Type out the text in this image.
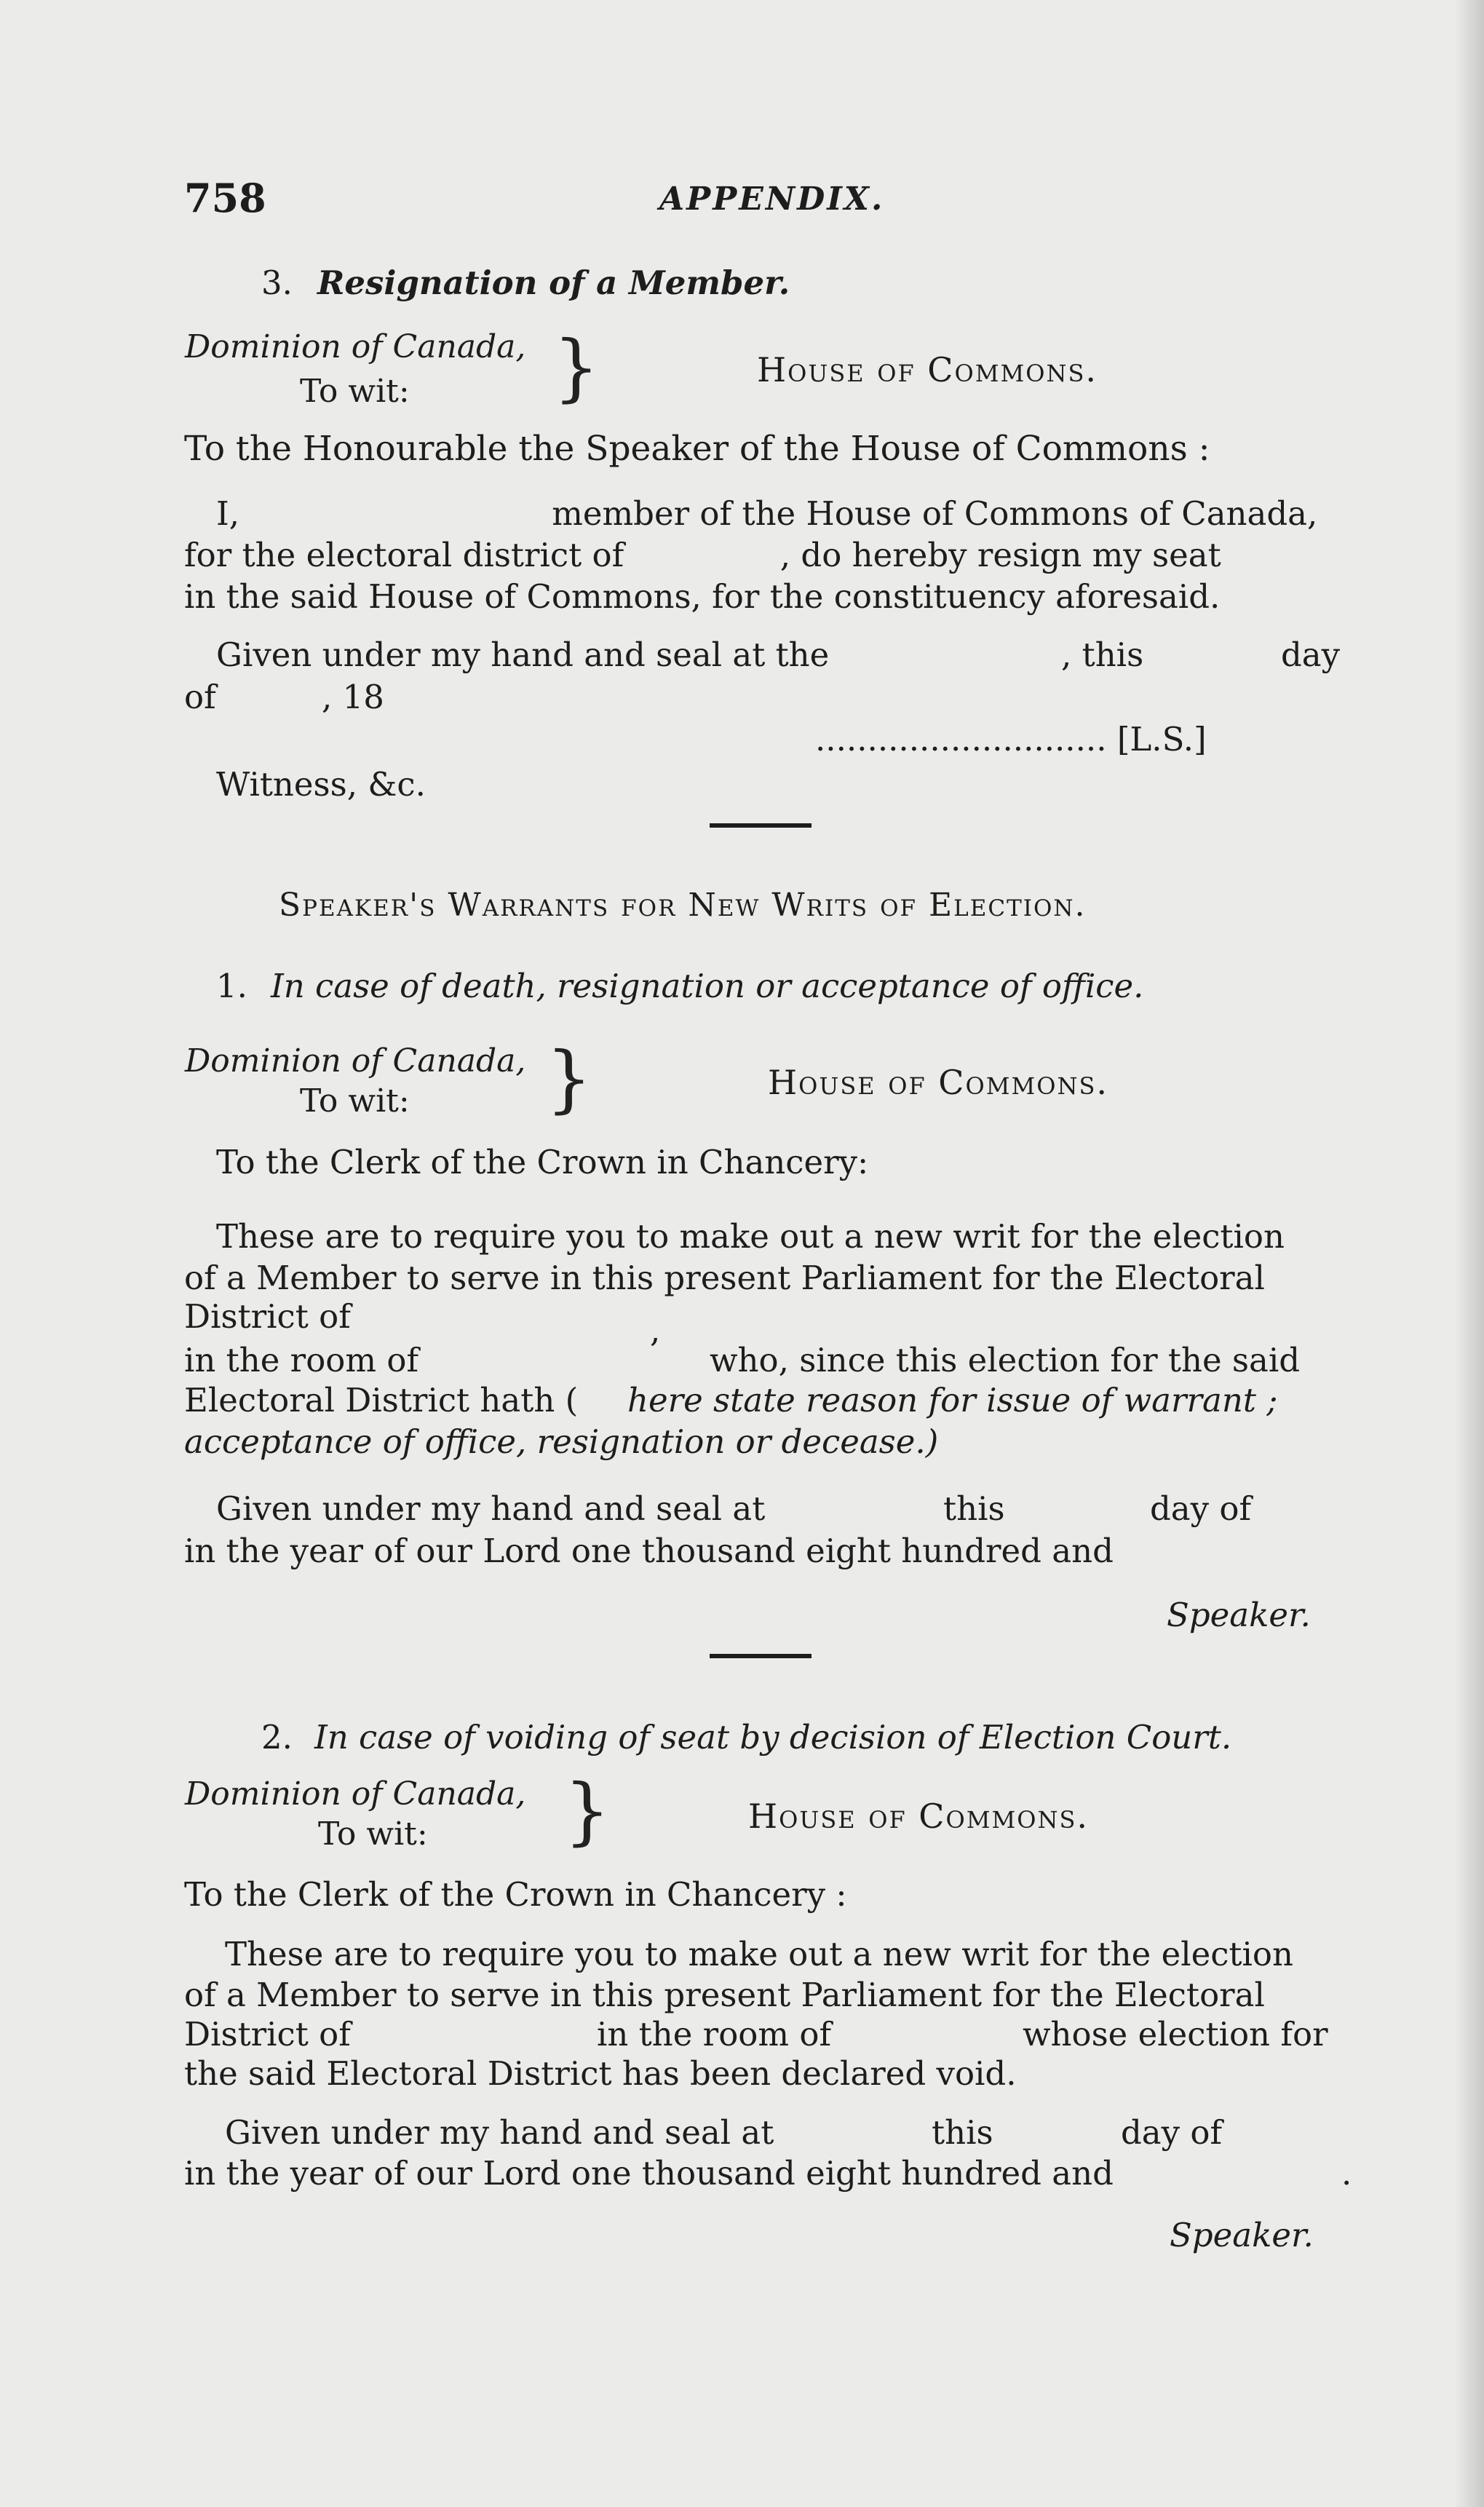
758	APPENDIX.
3. Resignation of a Member.
Dominion of Canada,
To wit: }	House of Commons.
To the Honourable the Speaker of the House of Commons :
I,                              member of the House of Commons of Canada,
for the electoral district of               , do hereby resign my seat
in the said House of Commons, for the constituency aforesaid.
Given under my hand and seal at the	, this	day
of	, 18
............................ [L.S.]
Witness, &c.
Speaker's Warrants for New Writs of Election.
1. In case of death, resignation or acceptance of office.
Dominion of Canada,
To wit: }	House of Commons.
To the Clerk of the Crown in Chancery:
These are to require you to make out a new writ for the election
of a Member to serve in this present Parliament for the Electoral
District of	,
in the room of	who, since this election for the said
Electoral District hath ( here state reason for issue of warrant ;
acceptance of office, resignation or decease.)
Given under my hand and seal at	this	day of
in the year of our Lord one thousand eight hundred and
Speaker.
2. In case of voiding of seat by decision of Election Court.
Dominion of Canada,
To wit: }	House of Commons.
To the Clerk of the Crown in Chancery :
These are to require you to make out a new writ for the election
of a Member to serve in this present Parliament for the Electoral
District of	in the room of	whose election for
the said Electoral District has been declared void.
Given under my hand and seal at	this	day of
in the year of our Lord one thousand eight hundred and	.
Speaker.
